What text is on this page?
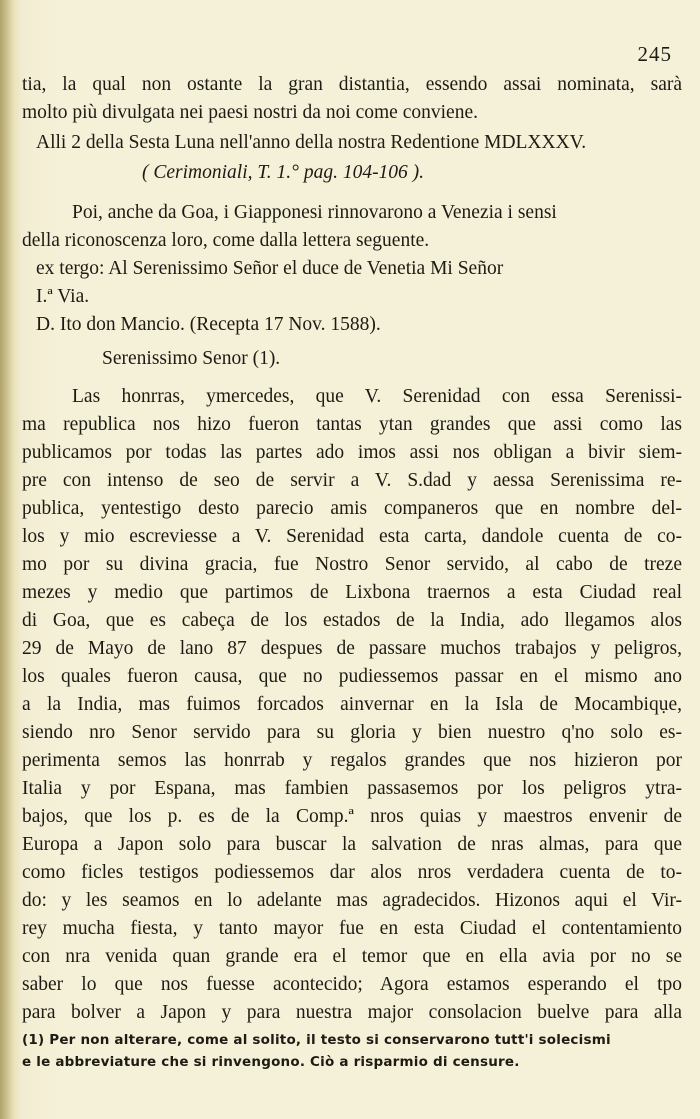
245
tia, la qual non ostante la gran distantia, essendo assai nominata, sarà
molto più divulgata nei paesi nostri da noi come conviene.
Alli 2 della Sesta Luna nell'anno della nostra Redentione MDLXXXV.
( Cerimoniali, T. 1.° pag. 104-106 ).
Poi, anche da Goa, i Giapponesi rinnovarono a Venezia i sensi
della riconoscenza loro, come dalla lettera seguente.
ex tergo: Al Serenissimo Señor el duce de Venetia Mi Señor
I.ª Via.
D. Ito don Mancio. (Recepta 17 Nov. 1588).
Serenissimo Senor (1).
Las honrras, ymercedes, que V. Serenidad con essa Serenissi-
ma republica nos hizo fueron tantas ytan grandes que assi como las
publicamos por todas las partes ado imos assi nos obligan a bivir siem-
pre con intenso de seo de servir a V. S.dad y aessa Serenissima re-
publica, yentestigo desto parecio amis companeros que en nombre del-
los y mio escreviesse a V. Serenidad esta carta, dandole cuenta de co-
mo por su divina gracia, fue Nostro Senor servido, al cabo de treze
mezes y medio que partimos de Lixbona traernos a esta Ciudad real
di Goa, que es cabeça de los estados de la India, ado llegamos alos
29 de Mayo de lano 87 despues de passare muchos trabajos y peligros,
los quales fueron causa, que no pudiessemos passar en el mismo ano
a la India, mas fuimos forcados ainvernar en la Isla de Mocambiqụe,
siendo nro Senor servido para su gloria y bien nuestro q'no solo es-
perimenta semos las honrrab y regalos grandes que nos hizieron por
Italia y por Espana, mas fambien passasemos por los peligros ytra-
bajos, que los p. es de la Comp.ª nros quias y maestros envenir de
Europa a Japon solo para buscar la salvation de nras almas, para que
como ficles testigos podiessemos dar alos nros verdadera cuenta de to-
do: y les seamos en lo adelante mas agradecidos. Hizonos aqui el Vir-
rey mucha fiesta, y tanto mayor fue en esta Ciudad el contentamiento
con nra venida quan grande era el temor que en ella avia por no se
saber lo que nos fuesse acontecido; Agora estamos esperando el tpo
para bolver a Japon y para nuestra major consolacion buelve para alla
(1) Per non alterare, come al solito, il testo si conservarono tutt'i solecismi
e le abbreviature che si rinvengono. Ciò a risparmio di censure.
